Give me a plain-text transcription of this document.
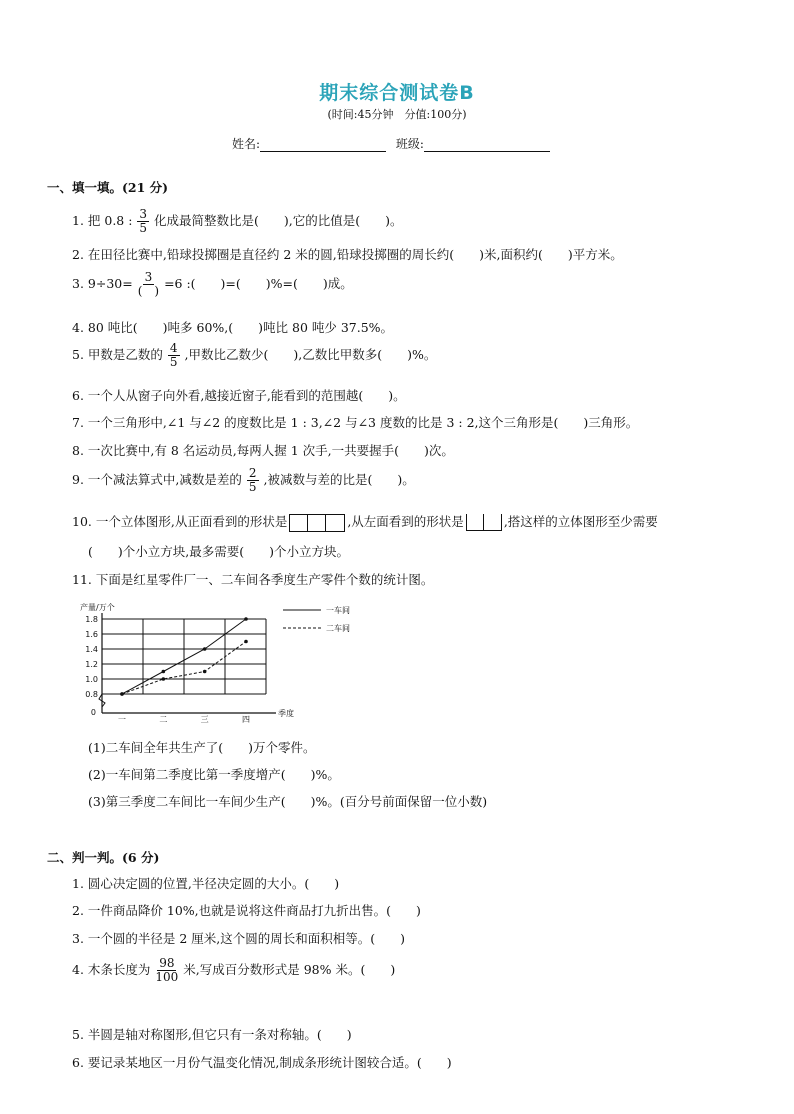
期末综合测试卷B
(时间:45分钟　分值:100分)
姓名:	班级:
一、填一填。(21 分)
1. 把 0.8 : $\frac{3}{5}$ 化成最简整数比是(　　),它的比值是(　　)。
2. 在田径比赛中,铅球投掷圈是直径约 2 米的圆,铅球投掷圈的周长约(　　)米,面积约(　　)平方米。
3. $9\div 30= \frac{3}{( )} =6$ :(　　)=(　　)%=(　　)成。
4. 80 吨比(　　)吨多 60%,(　　)吨比 80 吨少 37.5%。
5. 甲数是乙数的 $\frac{4}{5}$ ,甲数比乙数少(　　),乙数比甲数多(　　)%。
6. 一个人从窗子向外看,越接近窗子,能看到的范围越(　　)。
7. 一个三角形中,∠1 与∠2 的度数比是 1 : 3,∠2 与∠3 度数的比是 3 : 2,这个三角形是(　　)三角形。
8. 一次比赛中,有 8 名运动员,每两人握 1 次手,一共要握手(　　)次。
9. 一个减法算式中,减数是差的 $\frac{2}{5}$ ,被减数与差的比是(　　)。
10. 一个立体图形,从正面看到的形状是	,从左面看到的形状是	,搭这样的立体图形至少需要
(　　)个小立方块,最多需要(　　)个小立方块。
11. 下面是红星零件厂一、二车间各季度生产零件个数的统计图。
0.8
1.0
1.2
1.4
1.6
1.8
0
产量/万个
一	二	三	四
季度
一车间
二车间
(1)二车间全年共生产了(　　)万个零件。
(2)一车间第二季度比第一季度增产(　　)%。
(3)第三季度二车间比一车间少生产(　　)%。(百分号前面保留一位小数)
二、判一判。(6 分)
1. 圆心决定圆的位置,半径决定圆的大小。(　　)
2. 一件商品降价 10%,也就是说将这件商品打九折出售。(　　)
3. 一个圆的半径是 2 厘米,这个圆的周长和面积相等。(　　)
4. 木条长度为 $\frac{98}{100}$ 米,写成百分数形式是 98% 米。(　　)
5. 半圆是轴对称图形,但它只有一条对称轴。(　　)
6. 要记录某地区一月份气温变化情况,制成条形统计图较合适。(　　)
